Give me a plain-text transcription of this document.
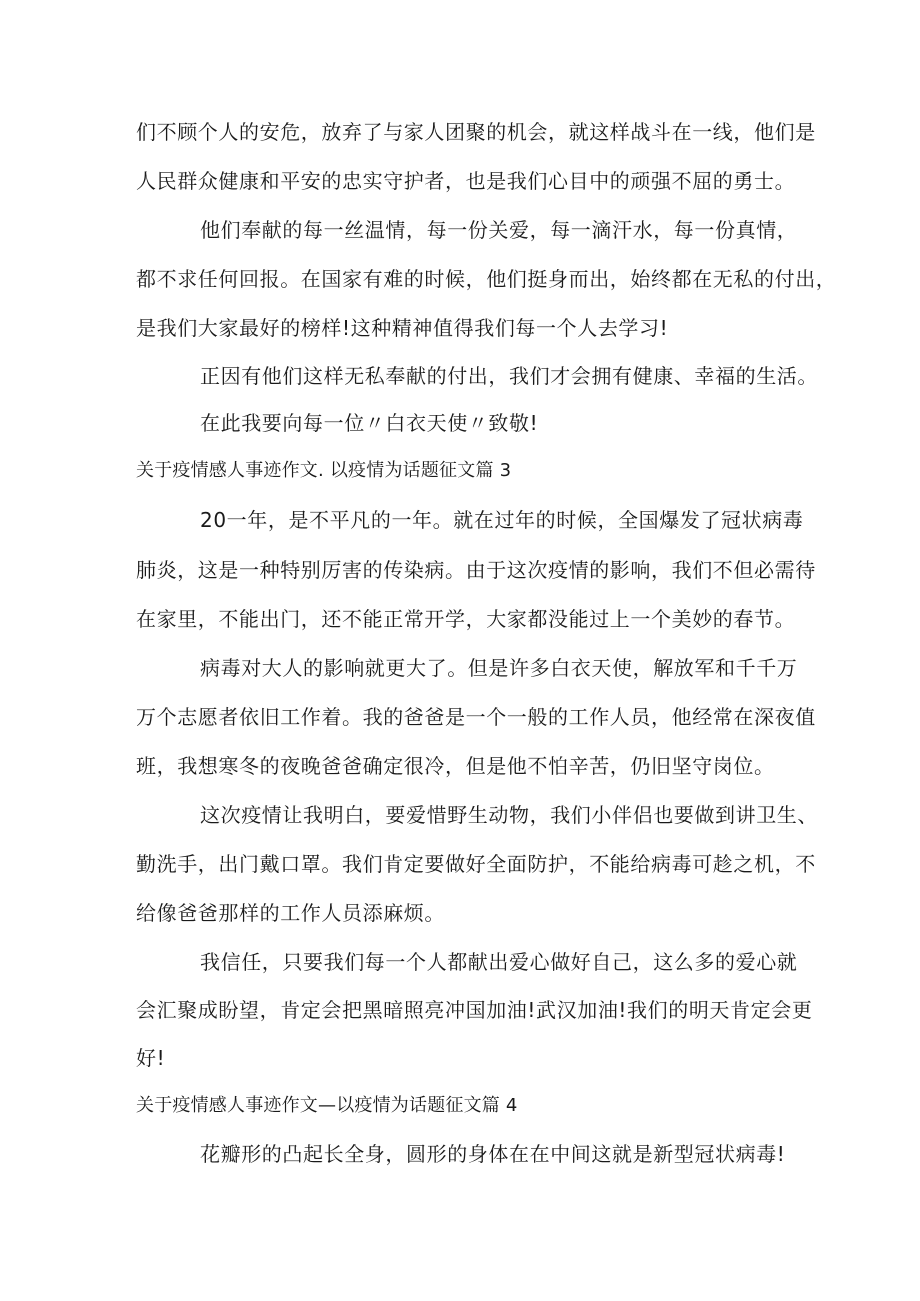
们不顾个人的安危，放弃了与家人团聚的机会，就这样战斗在一线，他们是
人民群众健康和平安的忠实守护者，也是我们心目中的顽强不屈的勇士。
他们奉献的每一丝温情，每一份关爱，每一滴汗水，每一份真情，
都不求任何回报。在国家有难的时候，他们挺身而出，始终都在无私的付出，
是我们大家最好的榜样!这种精神值得我们每一个人去学习!
正因有他们这样无私奉献的付出，我们才会拥有健康、幸福的生活。
在此我要向每一位〃白衣天使〃致敬!
关于疫情感人事迹作文. 以疫情为话题征文篇 3
20一年，是不平凡的一年。就在过年的时候，全国爆发了冠状病毒
肺炎，这是一种特别厉害的传染病。由于这次疫情的影响，我们不但必需待
在家里，不能出门，还不能正常开学，大家都没能过上一个美妙的春节。
病毒对大人的影响就更大了。但是许多白衣天使，解放军和千千万
万个志愿者依旧工作着。我的爸爸是一个一般的工作人员，他经常在深夜值
班，我想寒冬的夜晚爸爸确定很冷，但是他不怕辛苦，仍旧坚守岗位。
这次疫情让我明白，要爱惜野生动物，我们小伴侣也要做到讲卫生、
勤洗手，出门戴口罩。我们肯定要做好全面防护，不能给病毒可趁之机，不
给像爸爸那样的工作人员添麻烦。
我信任，只要我们每一个人都献出爱心做好自己，这么多的爱心就
会汇聚成盼望，肯定会把黑暗照亮冲国加油!武汉加油!我们的明天肯定会更
好!
关于疫情感人事迹作文—以疫情为话题征文篇 4
花瓣形的凸起长全身，圆形的身体在在中间这就是新型冠状病毒!
